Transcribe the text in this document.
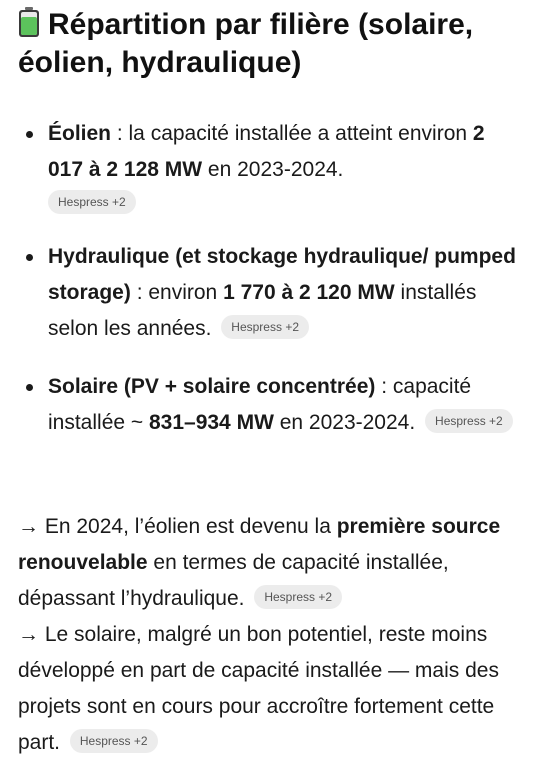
Répartition par filière (solaire, éolien, hydraulique)
Éolien : la capacité installée a atteint environ 2 017 à 2 128 MW en 2023-2024.
Hespress +2
Hydraulique (et stockage hydraulique/ pumped storage) : environ 1 770 à 2 120 MW installés selon les années. Hespress +2
Solaire (PV + solaire concentrée) : capacité installée ~ 831–934 MW en 2023-2024. Hespress +2
→ En 2024, l’éolien est devenu la première source renouvelable en termes de capacité installée, dépassant l’hydraulique. Hespress +2
→ Le solaire, malgré un bon potentiel, reste moins développé en part de capacité installée — mais des projets sont en cours pour accroître fortement cette part. Hespress +2
